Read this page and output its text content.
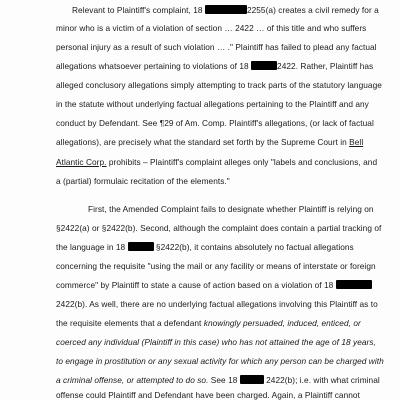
Relevant to Plaintiff's complaint, 18	2255(a) creates a civil remedy for a
minor who is a victim of a violation of section … 2422 … of this title and who suffers
personal injury as a result of such violation … ." Plaintiff has failed to plead any factual
allegations whatsoever pertaining to violations of 18	2422. Rather, Plaintiff has
alleged conclusory allegations simply attempting to track parts of the statutory language
in the statute without underlying factual allegations pertaining to the Plaintiff and any
conduct by Defendant. See ¶29 of Am. Comp. Plaintiff's allegations, (or lack of factual
allegations), are precisely what the standard set forth by the Supreme Court in Bell
Atlantic Corp. prohibits – Plaintiff's complaint alleges only "labels and conclusions, and
a (partial) formulaic recitation of the elements."
First, the Amended Complaint fails to designate whether Plaintiff is relying on
§2422(a) or §2422(b). Second, although the complaint does contain a partial tracking of
the language in 18	§2422(b), it contains absolutely no factual allegations
concerning the requisite "using the mail or any facility or means of interstate or foreign
commerce" by Plaintiff to state a cause of action based on a violation of 18
2422(b). As well, there are no underlying factual allegations involving this Plaintiff as to
the requisite elements that a defendant knowingly persuaded, induced, enticed, or
coerced any individual (Plaintiff in this case) who has not attained the age of 18 years,
to engage in prostitution or any sexual activity for which any person can be charged with
a criminal offense, or attempted to do so. See 18	2422(b); i.e. with what criminal
offense could Plaintiff and Defendant have been charged. Again, a Plaintiff cannot
